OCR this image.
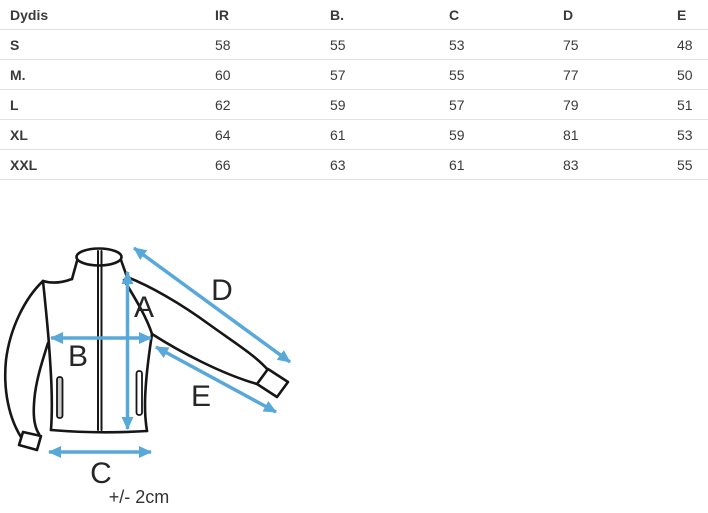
Dydis	IR	B.	C	D	E
S	58	55	53	75	48
M.	60	57	55	77	50
L	62	59	57	79	51
XL	64	61	59	81	53
XXL	66	63	61	83	55
A
B
C
D
E
+/- 2cm
